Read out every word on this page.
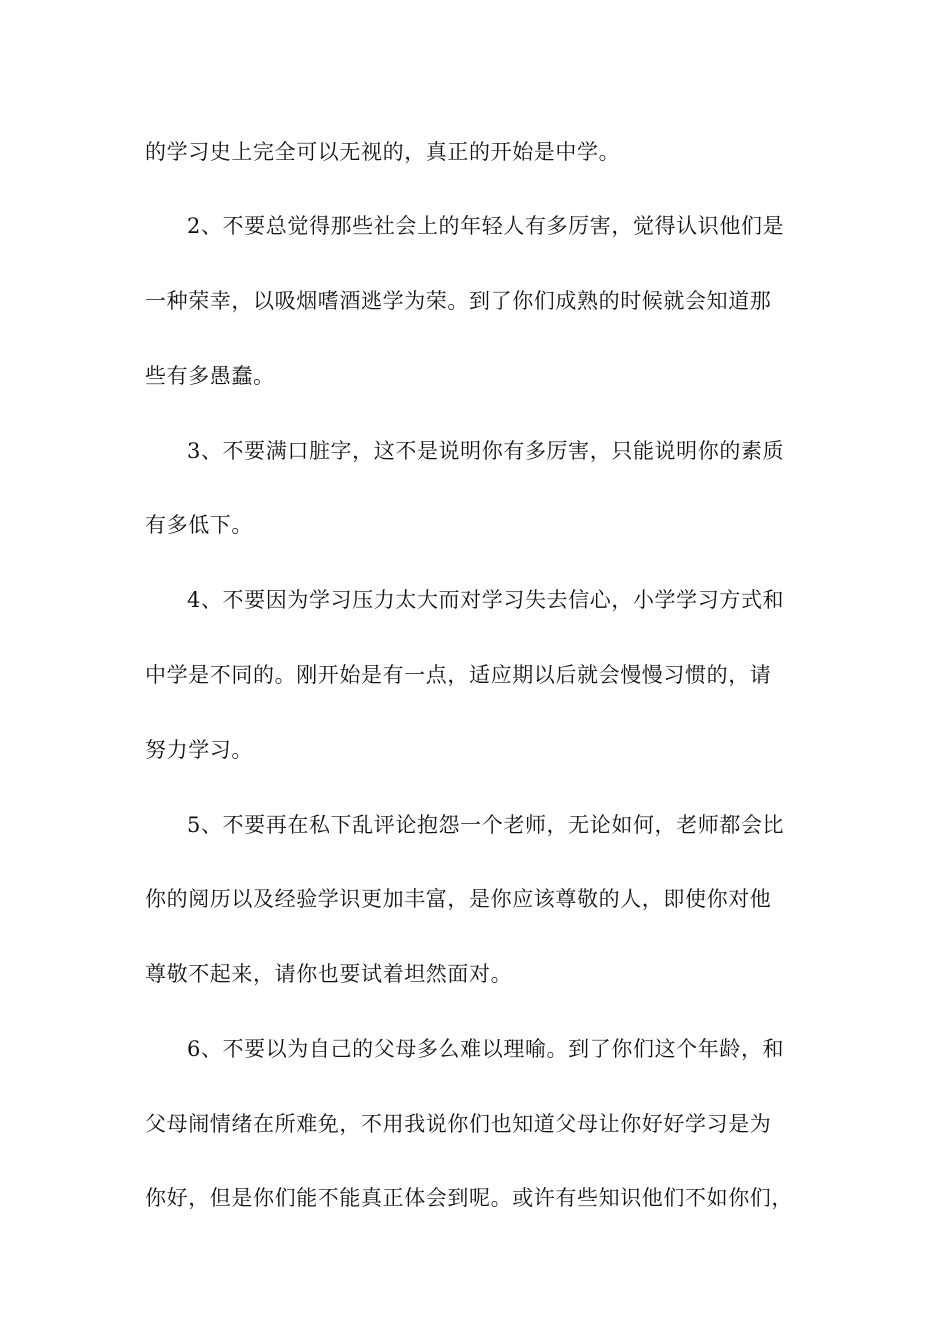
的学习史上完全可以无视的，真正的开始是中学。
2、不要总觉得那些社会上的年轻人有多厉害，觉得认识他们是
一种荣幸，以吸烟嗜酒逃学为荣。到了你们成熟的时候就会知道那
些有多愚蠢。
3、不要满口脏字，这不是说明你有多厉害，只能说明你的素质
有多低下。
4、不要因为学习压力太大而对学习失去信心，小学学习方式和
中学是不同的。刚开始是有一点，适应期以后就会慢慢习惯的，请
努力学习。
5、不要再在私下乱评论抱怨一个老师，无论如何，老师都会比
你的阅历以及经验学识更加丰富，是你应该尊敬的人，即使你对他
尊敬不起来，请你也要试着坦然面对。
6、不要以为自己的父母多么难以理喻。到了你们这个年龄，和
父母闹情绪在所难免，不用我说你们也知道父母让你好好学习是为
你好，但是你们能不能真正体会到呢。或许有些知识他们不如你们，
